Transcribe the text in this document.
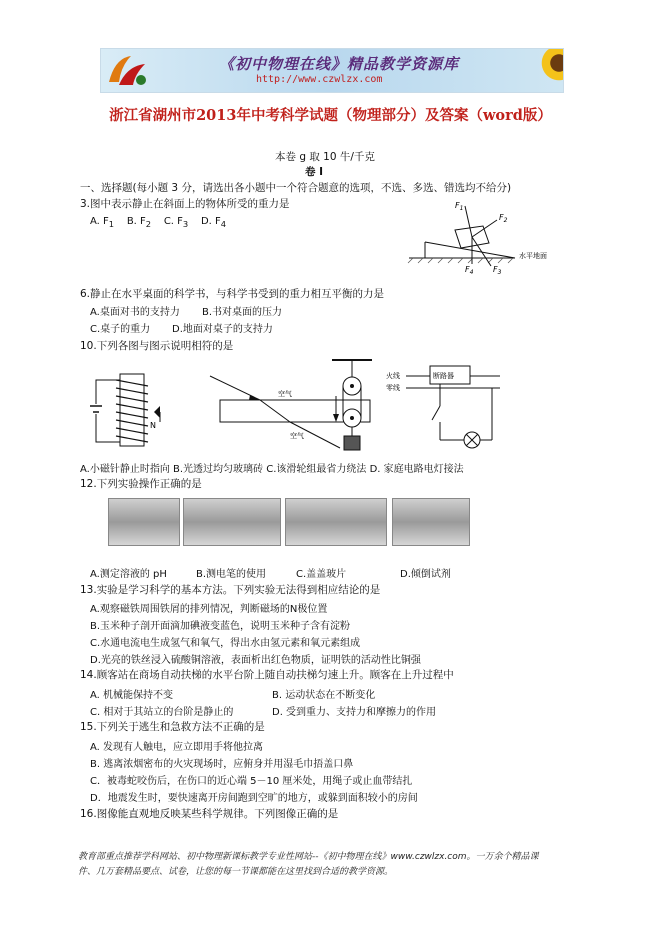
《初中物理在线》精品教学资源库
http://www.czwlzx.com
浙江省湖州市2013年中考科学试题（物理部分）及答案（word版）
本卷 g 取 10 牛/千克
卷 I
一、选择题(每小题 3 分，请选出各小题中一个符合题意的选项，不选、多选、错选均不给分)
3.图中表示静止在斜面上的物体所受的重力是
A. $F_1$ B. $F_2$ C. $F_3$ D. $F_4$
$F_1$
$F_2$
$F_3$
$F_4$
水平地面
6.静止在水平桌面的科学书，与科学书受到的重力相互平衡的力是
A.桌面对书的支持力 B.书对桌面的压力
C.桌子的重力 D.地面对桌子的支持力
10.下列各图与图示说明相符的是
N
空气
空气
火线
零线
断路器
A.小磁针静止时指向 B.光透过均匀玻璃砖 C.该滑轮组最省力绕法 D. 家庭电路电灯接法
12.下列实验操作正确的是
A.测定溶液的 pH	B.测电笔的使用	C.盖盖玻片	D.倾倒试剂
13.实验是学习科学的基本方法。下列实验无法得到相应结论的是
A.观察磁铁周围铁屑的排列情况，判断磁场的N极位置
B.玉米种子剖开面滴加碘液变蓝色，说明玉米种子含有淀粉
C.水通电流电生成氢气和氧气，得出水由氢元素和氧元素组成
D.光亮的铁丝浸入硫酸铜溶液，表面析出红色物质，证明铁的活动性比铜强
14.顾客站在商场自动扶梯的水平台阶上随自动扶梯匀速上升。顾客在上升过程中
A. 机械能保持不变	B. 运动状态在不断变化
C. 相对于其站立的台阶是静止的	D. 受到重力、支持力和摩擦力的作用
15.下列关于逃生和急救方法不正确的是
A. 发现有人触电，应立即用手将他拉离
B. 逃离浓烟密布的火灾现场时，应俯身并用湿毛巾捂盖口鼻
C．被毒蛇咬伤后，在伤口的近心端 5－10 厘米处，用绳子或止血带结扎
D．地震发生时，要快速离开房间跑到空旷的地方，或躲到面积较小的房间
16.图像能直观地反映某些科学规律。下列图像正确的是
教育部重点推荐学科网站、初中物理新课标教学专业性网站--《初中物理在线》www.czwlzx.com。一万余个精品课
件、几万套精品要点、试卷，让您的每一节课都能在这里找到合适的教学资源。
